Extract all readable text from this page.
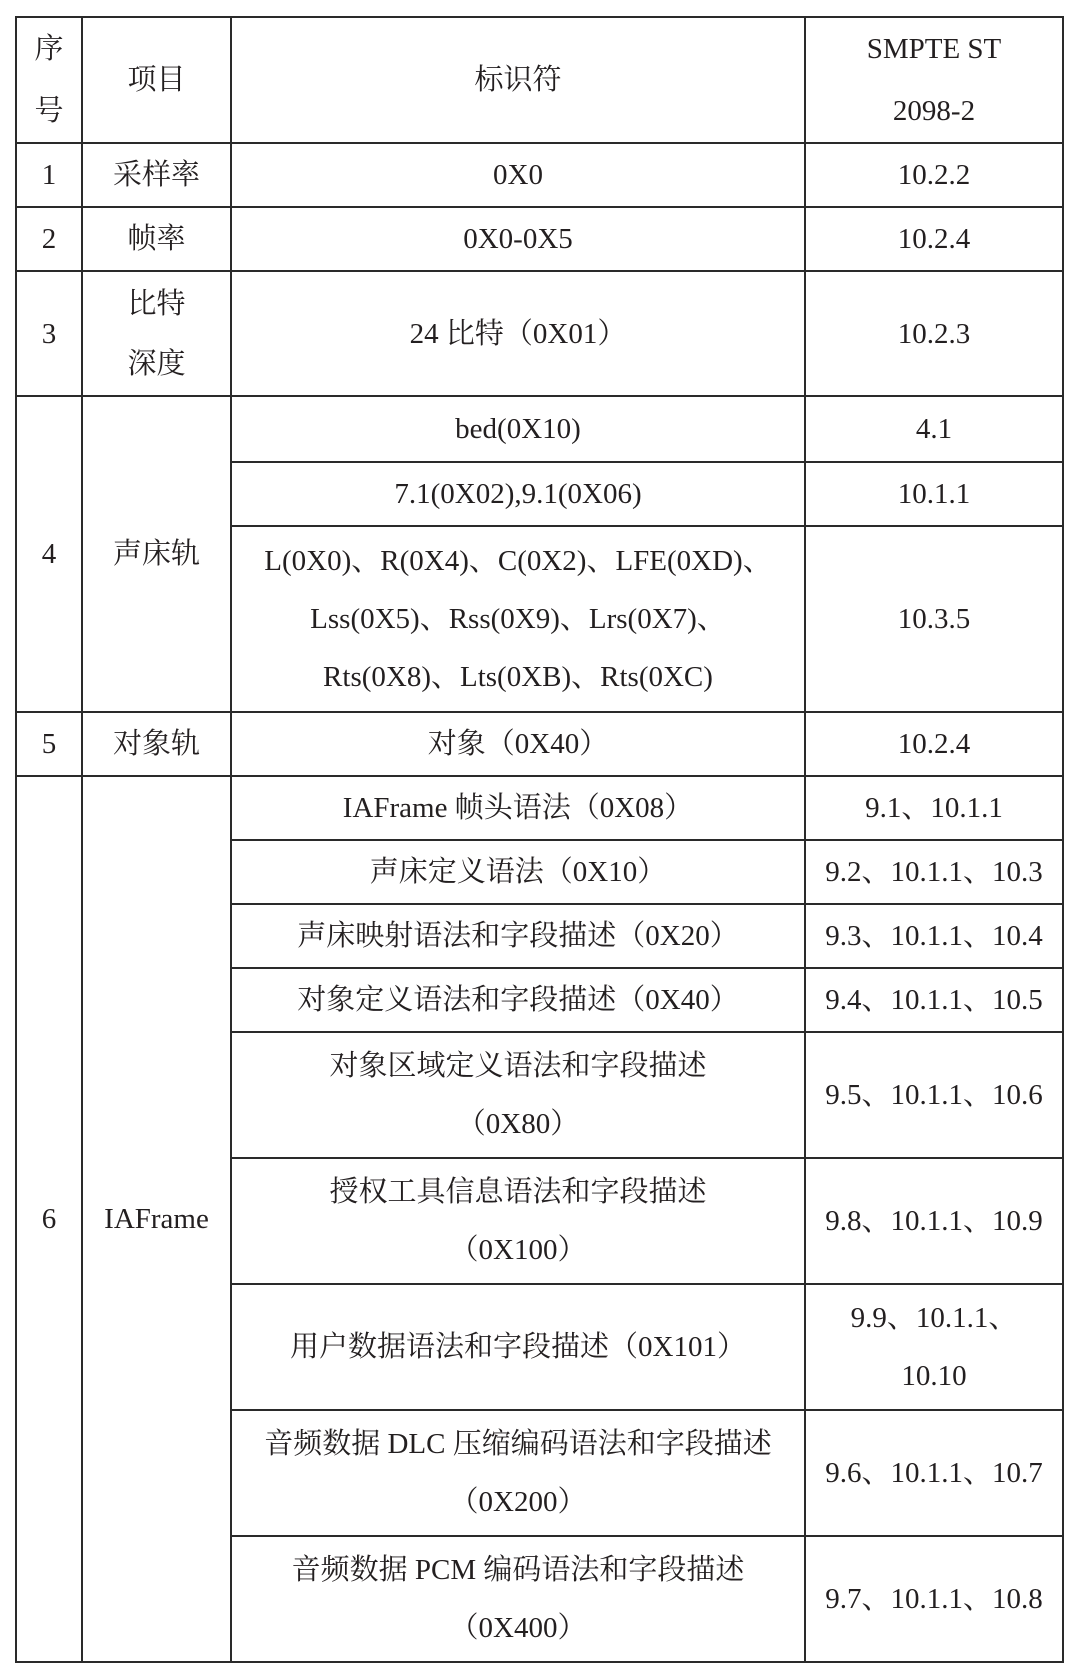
序号	项目	标识符	SMPTE ST 2098-2
1	采样率	0X0	10.2.2
2	帧率	0X0-0X5	10.2.4
3	比特深度	24 比特（0X01）	10.2.3
4	声床轨	bed(0X10)	4.1
		7.1(0X02),9.1(0X06)	10.1.1
		L(0X0)、R(0X4)、C(0X2)、LFE(0XD)、Lss(0X5)、Rss(0X9)、Lrs(0X7)、Rts(0X8)、Lts(0XB)、Rts(0XC)	10.3.5
5	对象轨	对象（0X40）	10.2.4
6	IAFrame	IAFrame 帧头语法（0X08）	9.1、10.1.1
		声床定义语法（0X10）	9.2、10.1.1、10.3
		声床映射语法和字段描述（0X20）	9.3、10.1.1、10.4
		对象定义语法和字段描述（0X40）	9.4、10.1.1、10.5
		对象区域定义语法和字段描述（0X80）	9.5、10.1.1、10.6
		授权工具信息语法和字段描述（0X100）	9.8、10.1.1、10.9
		用户数据语法和字段描述（0X101）	9.9、10.1.1、10.10
		音频数据 DLC 压缩编码语法和字段描述（0X200）	9.6、10.1.1、10.7
		音频数据 PCM 编码语法和字段描述（0X400）	9.7、10.1.1、10.8
